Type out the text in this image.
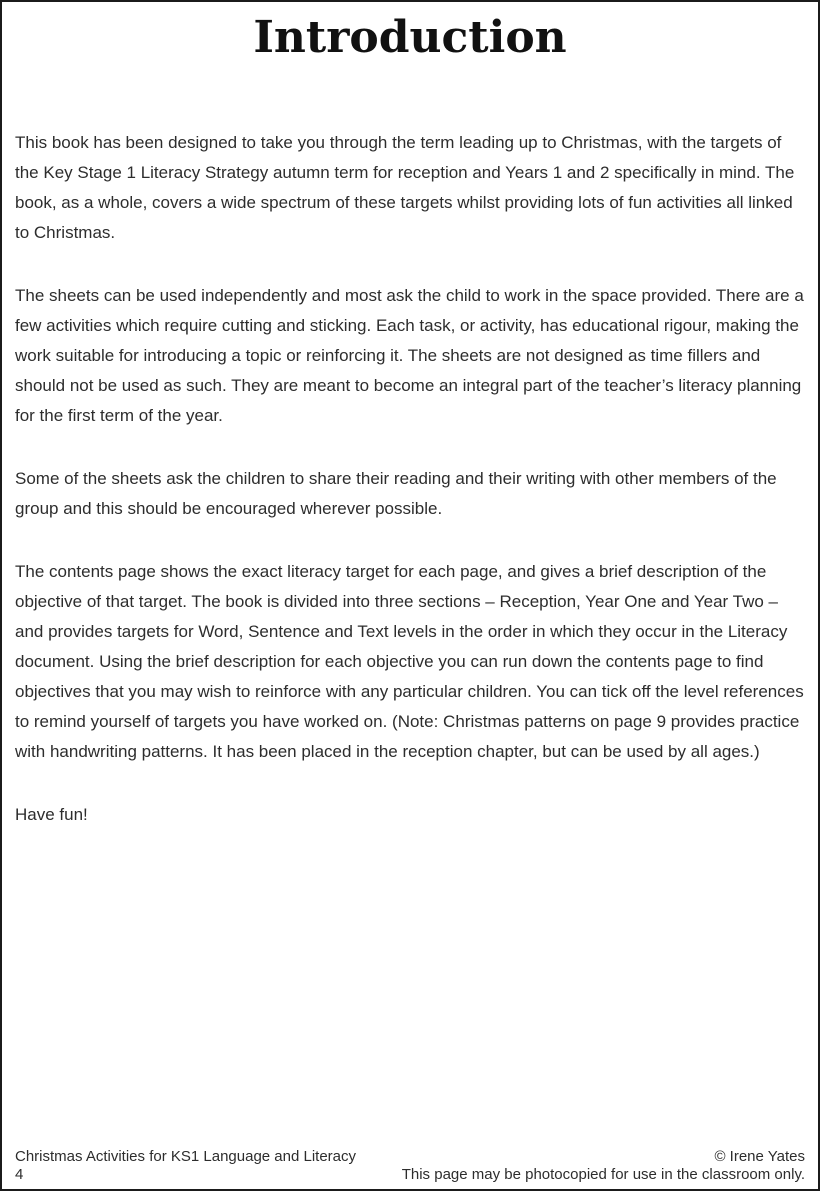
Introduction

This book has been designed to take you through the term leading up to Christmas, with the targets of the Key Stage 1 Literacy Strategy autumn term for reception and Years 1 and 2 specifically in mind. The book, as a whole, covers a wide spectrum of these targets whilst providing lots of fun activities all linked to Christmas.

The sheets can be used independently and most ask the child to work in the space provided. There are a few activities which require cutting and sticking. Each task, or activity, has educational rigour, making the work suitable for introducing a topic or reinforcing it. The sheets are not designed as time fillers and should not be used as such. They are meant to become an integral part of the teacher’s literacy planning for the first term of the year.

Some of the sheets ask the children to share their reading and their writing with other members of the group and this should be encouraged wherever possible.

The contents page shows the exact literacy target for each page, and gives a brief description of the objective of that target. The book is divided into three sections – Reception, Year One and Year Two – and provides targets for Word, Sentence and Text levels in the order in which they occur in the Literacy document. Using the brief description for each objective you can run down the contents page to find objectives that you may wish to reinforce with any particular children. You can tick off the level references to remind yourself of targets you have worked on. (Note: Christmas patterns on page 9 provides practice with handwriting patterns. It has been placed in the reception chapter, but can be used by all ages.)

Have fun!

Christmas Activities for KS1 Language and Literacy
4
© Irene Yates
This page may be photocopied for use in the classroom only.
